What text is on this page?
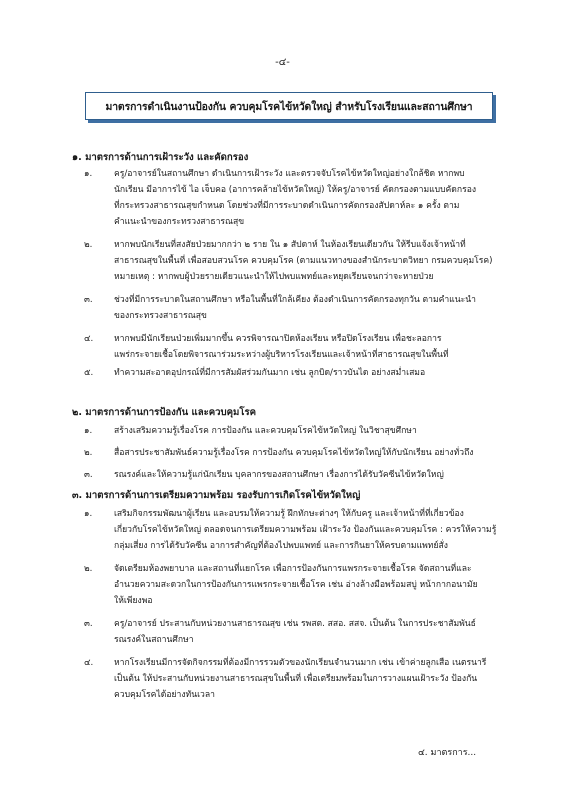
-๔-
มาตรการดำเนินงานป้องกัน ควบคุมโรคไข้หวัดใหญ่ สำหรับโรงเรียนและสถานศึกษา
๑. มาตรการด้านการเฝ้าระวัง และคัดกรอง
๑.	ครู/อาจารย์ในสถานศึกษา ดำเนินการเฝ้าระวัง และตรวจจับโรคไข้หวัดใหญ่อย่างใกล้ชิด หากพบ
นักเรียน มีอาการไข้ ไอ เจ็บคอ (อาการคล้ายไข้หวัดใหญ่) ให้ครู/อาจารย์ คัดกรองตามแบบคัดกรอง
ที่กระทรวงสาธารณสุขกำหนด โดยช่วงที่มีการระบาดดำเนินการคัดกรองสัปดาห์ละ ๑ ครั้ง ตาม
คำแนะนำของกระทรวงสาธารณสุข
๒.	หากพบนักเรียนที่สงสัยป่วยมากกว่า ๒ ราย ใน ๑ สัปดาห์ ในห้องเรียนเดียวกัน ให้รีบแจ้งเจ้าหน้าที่
สาธารณสุขในพื้นที่ เพื่อสอบสวนโรค ควบคุมโรค (ตามแนวทางของสำนักระบาดวิทยา กรมควบคุมโรค)
หมายเหตุ : หากพบผู้ป่วยรายเดียวแนะนำให้ไปพบแพทย์และหยุดเรียนจนกว่าจะหายป่วย
๓. ช่วงที่มีการระบาดในสถานศึกษา หรือในพื้นที่ใกล้เคียง ต้องดำเนินการคัดกรองทุกวัน ตามคำแนะนำ
ของกระทรวงสาธารณสุข
๔. หากพบมีนักเรียนป่วยเพิ่มมากขึ้น ควรพิจารณาปิดห้องเรียน หรือปิดโรงเรียน เพื่อชะลอการ
แพร่กระจายเชื้อโดยพิจารณาร่วมระหว่างผู้บริหารโรงเรียนและเจ้าหน้าที่สาธารณสุขในพื้นที่
๕. ทำความสะอาดอุปกรณ์ที่มีการสัมผัสร่วมกันมาก เช่น ลูกบิด/ราวบันได อย่างสม่ำเสมอ
๒. มาตรการด้านการป้องกัน และควบคุมโรค
๑.	สร้างเสริมความรู้เรื่องโรค การป้องกัน และควบคุมโรคไข้หวัดใหญ่ ในวิชาสุขศึกษา
๒.	สื่อสารประชาสัมพันธ์ความรู้เรื่องโรค การป้องกัน ควบคุมโรคไข้หวัดใหญ่ให้กับนักเรียน อย่างทั่วถึง
๓. รณรงค์และให้ความรู้แก่นักเรียน บุคลากรของสถานศึกษา เรื่องการได้รับวัคซีนไข้หวัดใหญ่
๓. มาตรการด้านการเตรียมความพร้อม รองรับการเกิดโรคไข้หวัดใหญ่
๑.	เสริมกิจกรรมพัฒนาผู้เรียน และอบรมให้ความรู้ ฝึกทักษะต่างๆ ให้กับครู และเจ้าหน้าที่ที่เกี่ยวข้อง
เกี่ยวกับโรคไข้หวัดใหญ่ ตลอดจนการเตรียมความพร้อม เฝ้าระวัง ป้องกันและควบคุมโรค : ควรให้ความรู้
กลุ่มเสี่ยง การได้รับวัคซีน อาการสำคัญที่ต้องไปพบแพทย์ และการกินยาให้ครบตามแพทย์สั่ง
๒.	จัดเตรียมห้องพยาบาล และสถานที่แยกโรค เพื่อการป้องกันการแพรกระจายเชื้อโรค จัดสถานที่และ
อำนวยความสะดวกในการป้องกันการแพรกระจายเชื้อโรค เช่น อ่างล้างมือพร้อมสบู่ หน้ากากอนามัย
ให้เพียงพอ
๓. ครู/อาจารย์ ประสานกับหน่วยงานสาธารณสุข เช่น รพสต. สสอ. สสจ. เป็นต้น ในการประชาสัมพันธ์
รณรงค์ในสถานศึกษา
๔. หากโรงเรียนมีการจัดกิจกรรมที่ต้องมีการรวมตัวของนักเรียนจำนวนมาก เช่น เข้าค่ายลูกเสือ เนตรนารี
เป็นต้น ให้ประสานกับหน่วยงานสาธารณสุขในพื้นที่ เพื่อเตรียมพร้อมในการวางแผนเฝ้าระวัง ป้องกัน
ควบคุมโรคได้อย่างทันเวลา
๔. มาตรการ...
